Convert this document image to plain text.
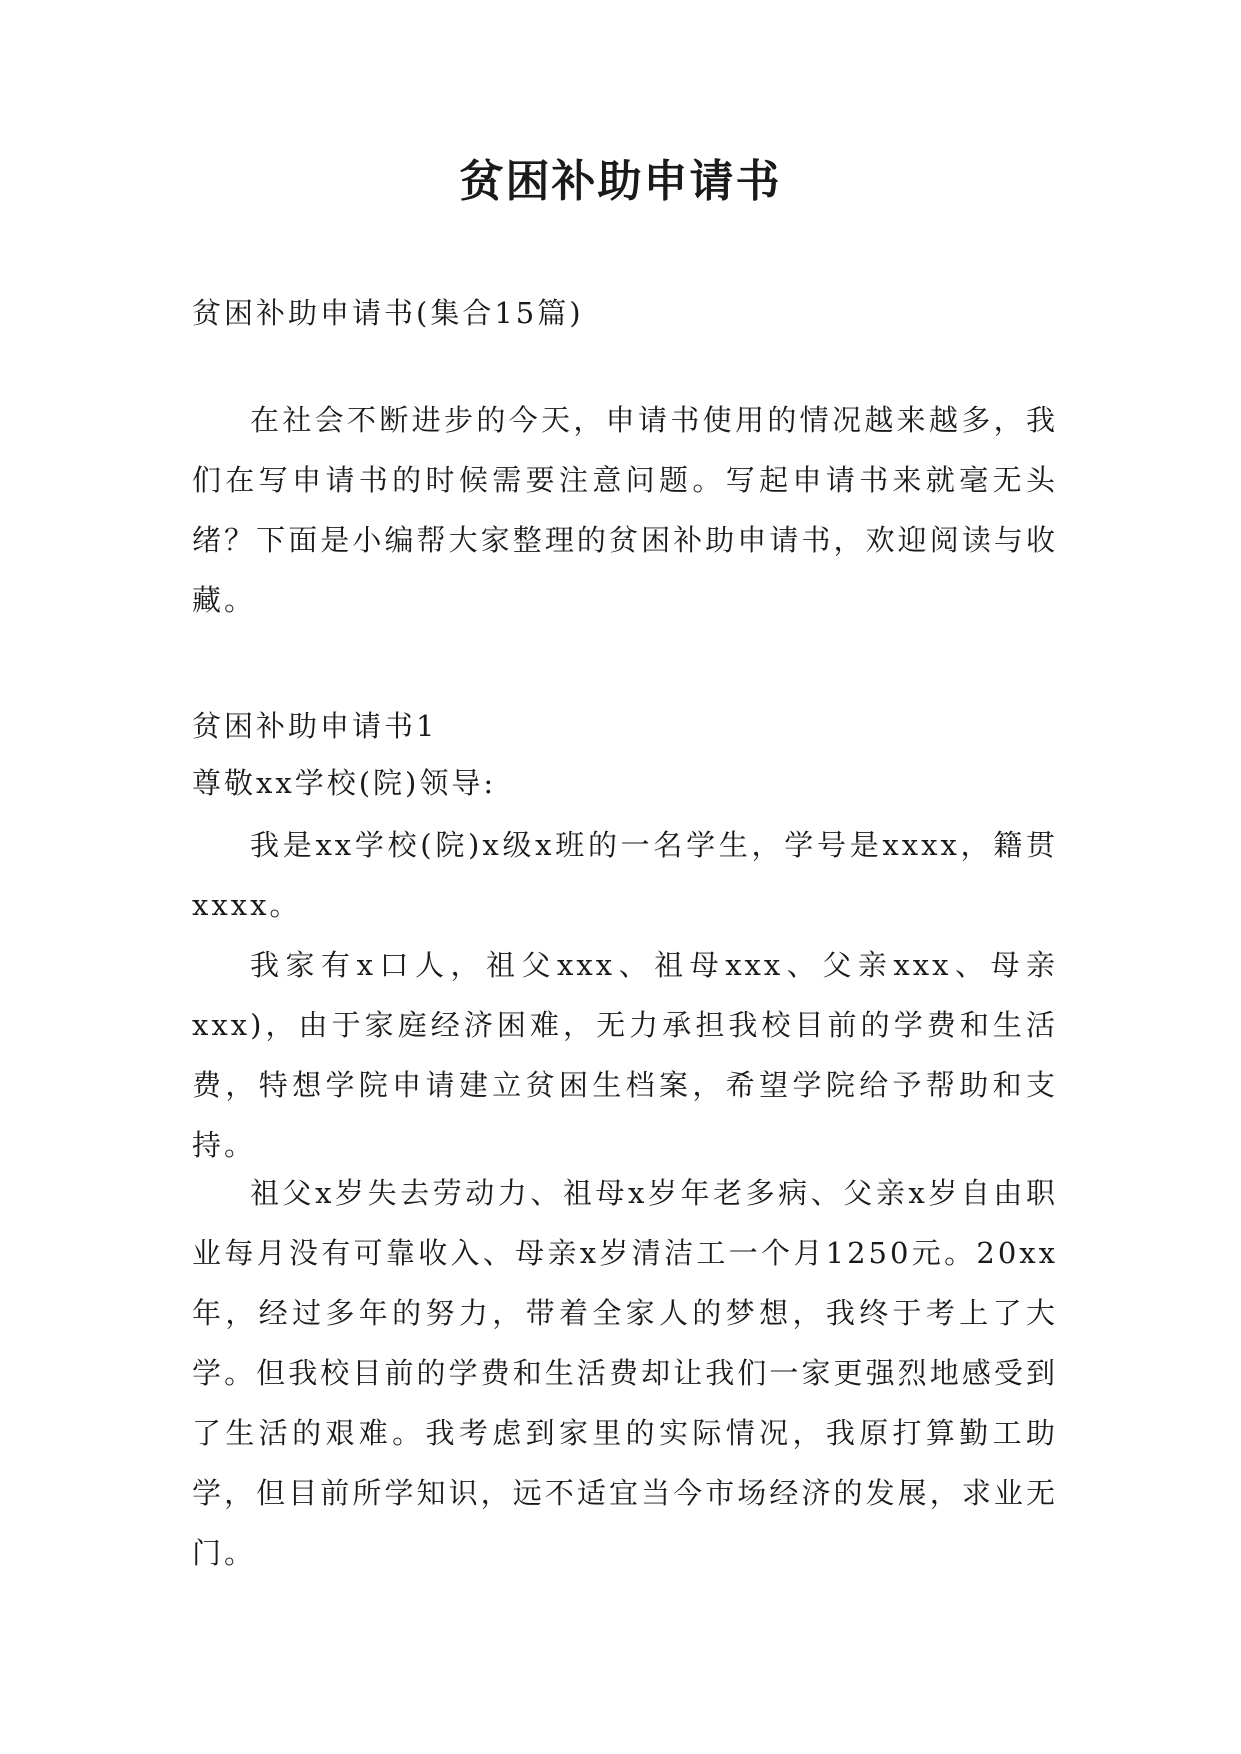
贫困补助申请书

贫困补助申请书(集合15篇)

在社会不断进步的今天，申请书使用的情况越来越多，我们在写申请书的时候需要注意问题。写起申请书来就毫无头绪？下面是小编帮大家整理的贫困补助申请书，欢迎阅读与收藏。

贫困补助申请书1

尊敬xx学校(院)领导:

我是xx学校(院)x级x班的一名学生，学号是xxxx，籍贯xxxx。

我家有x口人，祖父xxx、祖母xxx、父亲xxx、母亲xxx)，由于家庭经济困难，无力承担我校目前的学费和生活费，特想学院申请建立贫困生档案，希望学院给予帮助和支持。

祖父x岁失去劳动力、祖母x岁年老多病、父亲x岁自由职业每月没有可靠收入、母亲x岁清洁工一个月1250元。20xx年，经过多年的努力，带着全家人的梦想，我终于考上了大学。但我校目前的学费和生活费却让我们一家更强烈地感受到了生活的艰难。我考虑到家里的实际情况，我原打算勤工助学，但目前所学知识，远不适宜当今市场经济的发展，求业无门。
